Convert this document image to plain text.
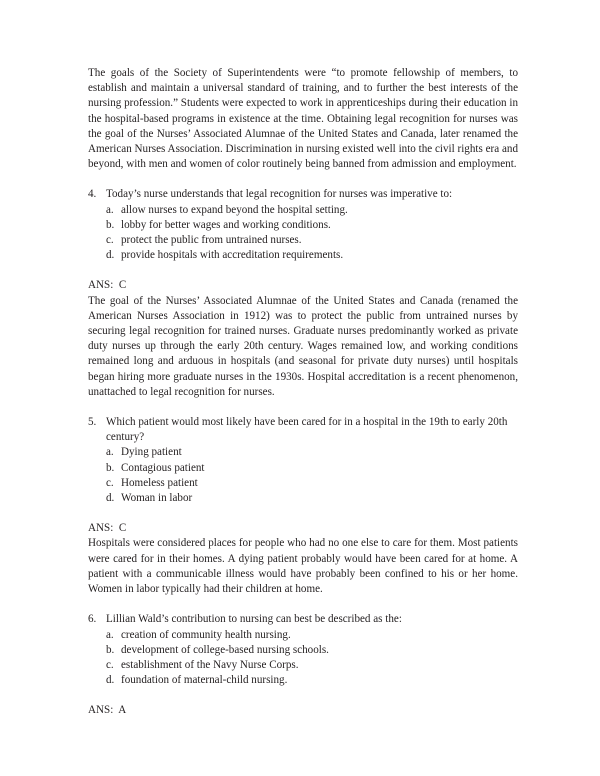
The goals of the Society of Superintendents were “to promote fellowship of members, to establish and maintain a universal standard of training, and to further the best interests of the nursing profession.” Students were expected to work in apprenticeships during their education in the hospital-based programs in existence at the time. Obtaining legal recognition for nurses was the goal of the Nurses’ Associated Alumnae of the United States and Canada, later renamed the American Nurses Association. Discrimination in nursing existed well into the civil rights era and beyond, with men and women of color routinely being banned from admission and employment.

4. Today’s nurse understands that legal recognition for nurses was imperative to:
a. allow nurses to expand beyond the hospital setting.
b. lobby for better wages and working conditions.
c. protect the public from untrained nurses.
d. provide hospitals with accreditation requirements.

ANS:  C

The goal of the Nurses’ Associated Alumnae of the United States and Canada (renamed the American Nurses Association in 1912) was to protect the public from untrained nurses by securing legal recognition for trained nurses. Graduate nurses predominantly worked as private duty nurses up through the early 20th century. Wages remained low, and working conditions remained long and arduous in hospitals (and seasonal for private duty nurses) until hospitals began hiring more graduate nurses in the 1930s. Hospital accreditation is a recent phenomenon, unattached to legal recognition for nurses.

5. Which patient would most likely have been cared for in a hospital in the 19th to early 20th century?
a. Dying patient
b. Contagious patient
c. Homeless patient
d. Woman in labor

ANS:  C

Hospitals were considered places for people who had no one else to care for them. Most patients were cared for in their homes. A dying patient probably would have been cared for at home. A patient with a communicable illness would have probably been confined to his or her home. Women in labor typically had their children at home.

6. Lillian Wald’s contribution to nursing can best be described as the:
a. creation of community health nursing.
b. development of college-based nursing schools.
c. establishment of the Navy Nurse Corps.
d. foundation of maternal-child nursing.

ANS:  A
